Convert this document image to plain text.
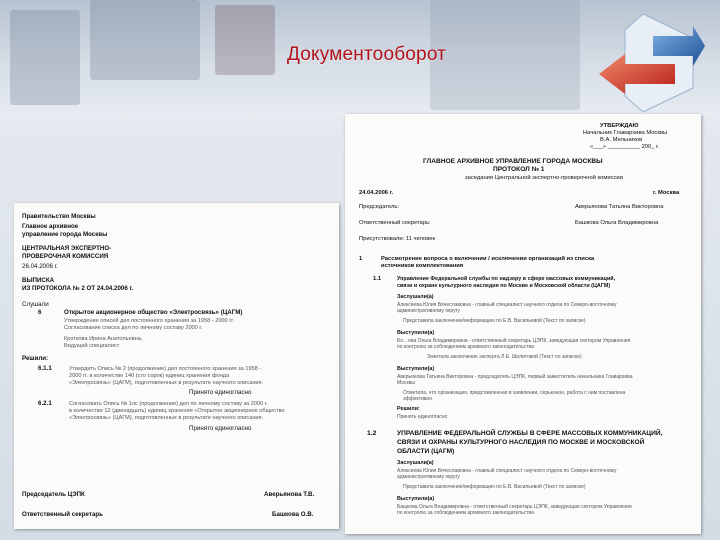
Документооборот
Правительство Москвы
Главное архивное
управление города Москвы
ЦЕНТРАЛЬНАЯ ЭКСПЕРТНО-
ПРОВЕРОЧНАЯ КОМИССИЯ
26.04.2006 г.
ВЫПИСКА
ИЗ ПРОТОКОЛА № 2 ОТ 24.04.2006 г.
Слушали
6	Открытое акционерное общество «Электросвязь» (ЦАГМ)
Утверждение описей дел постоянного хранения за 1958 - 2000 гг.
Согласование списка дел по личному составу 2000 г.
Кроткова Ирина Анатольевна,
Ведущий специалист
Решили:
6.1.1	Утвердить Опись № 2 (продолжение) дел постоянного хранения за 1958 -
2000 гг. в количестве 140 (сто сорок) единиц хранения фонда
«Электросвязь» (ЦАГМ), подготовленных в результате научного описания.
Принято единогласно
6.2.1	Согласовать Опись № 1лс (продолжение) дел по личному составу за 2000 г.
в количестве 12 (двенадцать) единиц хранения «Открытое акционерное общество
«Электросвязь» (ЦАГМ), подготовленных в результате научного описания.
Принято единогласно
Председатель ЦЭПК	Аверьянова Т.В.
Ответственный секретарь	Башкова О.В.
УТВЕРЖДАЮ
Начальник Главархива Москвы
В.А. Мельников
«___» __________ 200_ г.
ГЛАВНОЕ АРХИВНОЕ УПРАВЛЕНИЕ ГОРОДА МОСКВЫ
ПРОТОКОЛ № 1
заседания Центральной экспертно-проверочной комиссии
24.04.2006 г.	г. Москва
Председатель:	Аверьянова Татьяна Викторовна
Ответственный секретарь:	Башкова Ольга Владимировна
Присутствовали: 11 человек
1	Рассмотрение вопроса о включении / исключении организаций из списка
источников комплектования
1.1	Управление Федеральной службы по надзору в сфере массовых коммуникаций,
связи и охране культурного наследия по Москве и Московской области (ЦАГМ)
Заслушали(а)
Алексеева Юлия Вячеславовна - главный специалист научного отдела по Северо-восточному
административному округу
Представила заключение/информацию по Е.В. Васильевой (Текст по записке)
Выступили(а)
Бо…ова Ольга Владимировна - ответственный секретарь ЦЭПК, заведующая сектором Управления
по контролю за соблюдением архивного законодательства
Зачитала заключение эксперта Л.Е. Шолитовой (Текст по записке)
Выступили(а)
Аверьянова Татьяна Викторовна - председатель ЦЭПК, первый заместитель начальника Главархива
Москвы
Отметила, что организация, представленная в заявлении, серьезное, работа с ним поставлена
эффективно
Решили:
Принять единогласно
1.2	УПРАВЛЕНИЕ ФЕДЕРАЛЬНОЙ СЛУЖБЫ В СФЕРЕ МАССОВЫХ КОММУНИКАЦИЙ,
СВЯЗИ И ОХРАНЫ КУЛЬТУРНОГО НАСЛЕДИЯ ПО МОСКВЕ И МОСКОВСКОЙ
ОБЛАСТИ (ЦАГМ)
Заслушали(а)
Алексеева Юлия Вячеславовна - главный специалист научного отдела по Северо-восточному
административному округу
Представила заключение/информацию по Е.В. Васильевой (Текст по записке)
Выступили(а)
Бащкова Ольга Владимировна - ответственный секретарь ЦЭПК, заведующая сектором Управления
по контролю за соблюдением архивного законодательства
